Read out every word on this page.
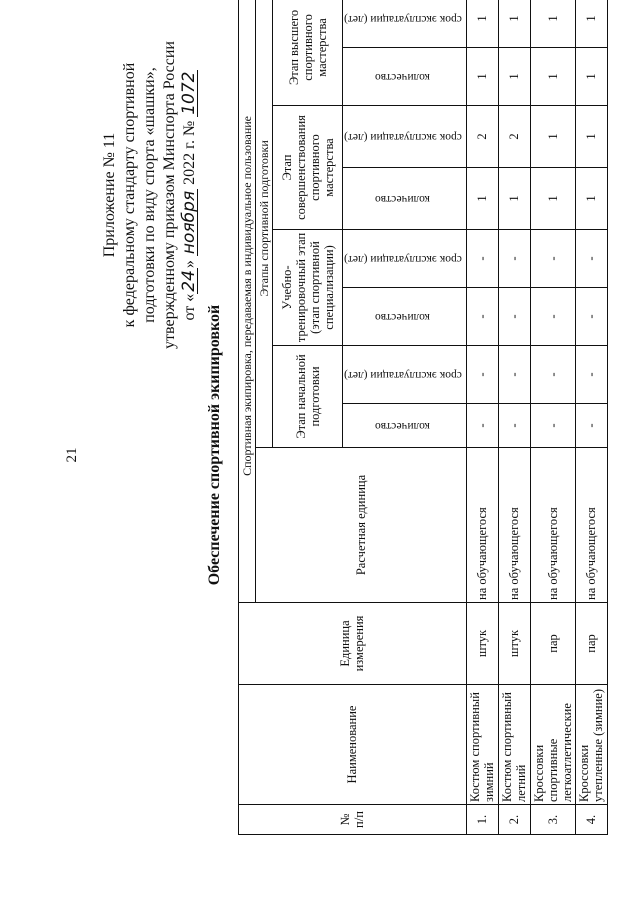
21
Приложение № 11 к федеральному стандарту спортивной подготовки по виду спорта «шашки», утвержденному приказом Минспорта России от «24» ноября 2022 г. № 1072
Обеспечение спортивной экипировкой
№ п/п	Наименование	Единица измерения	Спортивная экипировка, передаваемая в индивидуальное пользование								
			Расчетная единица	Этапы спортивной подготовки							
				Этап начальной подготовки		Учебно-тренировочный этап (этап спортивной специализации)		Этап совершенствования спортивного мастерства		Этап высшего спортивного мастерства	
				количество	срок эксплуатации (лет)	количество	срок эксплуатации (лет)	количество	срок эксплуатации (лет)	количество	срок эксплуатации (лет)

1.	Костюм спортивный зимний	штук	на обучающегося	-	-	-	-	1	2	1	1
2.	Костюм спортивный летний	штук	на обучающегося	-	-	-	-	1	2	1	1
3.	Кроссовки спортивные легкоатлетические	пар	на обучающегося	-	-	-	-	1	1	1	1
4.	Кроссовки утепленные (зимние)	пар	на обучающегося	-	-	-	-	1	1	1	1
